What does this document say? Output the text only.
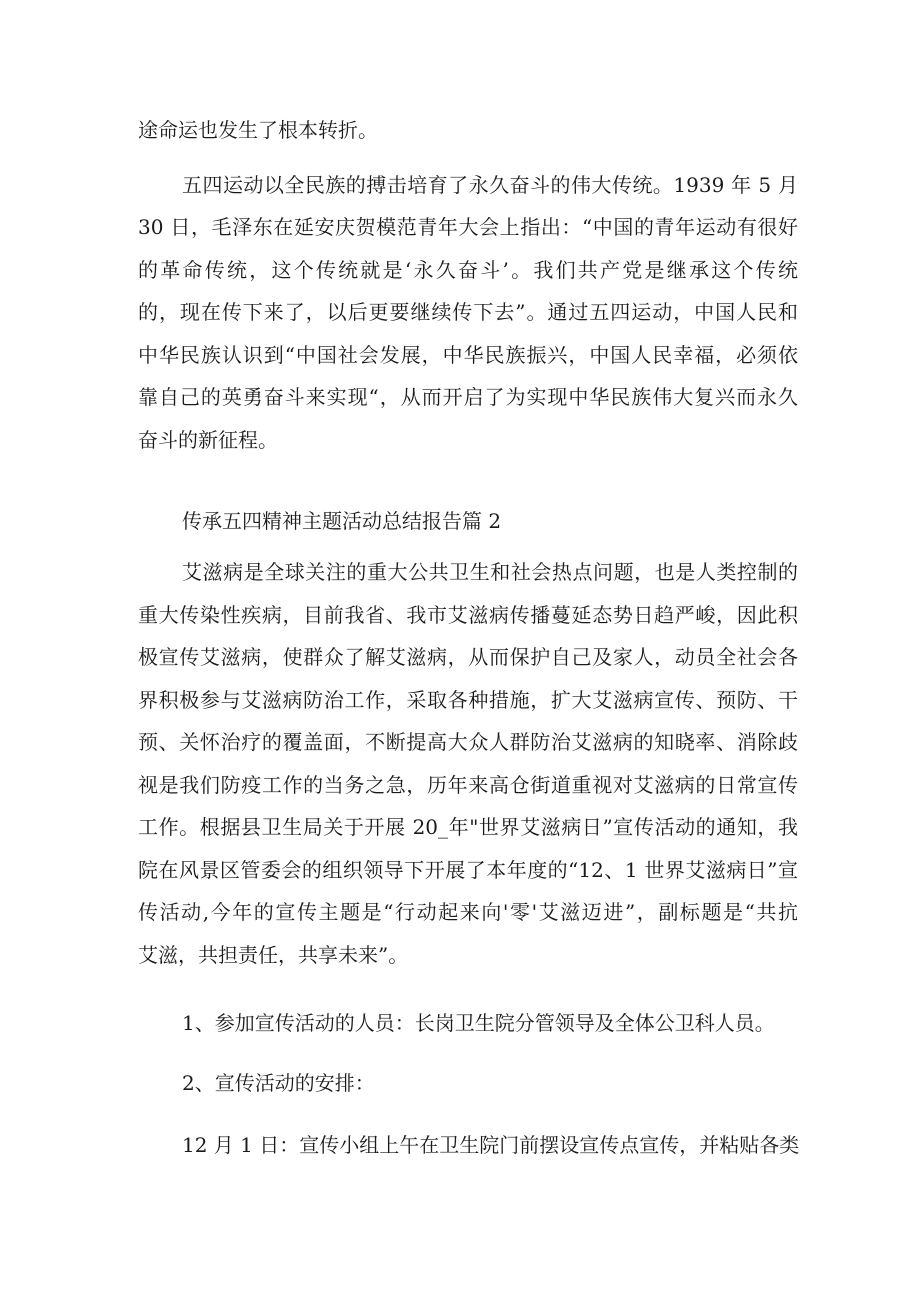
途命运也发生了根本转折。
五四运动以全民族的搏击培育了永久奋斗的伟大传统。1939 年 5 月
30 日，毛泽东在延安庆贺模范青年大会上指出：“中国的青年运动有很好
的革命传统，这个传统就是‘永久奋斗’。我们共产党是继承这个传统
的，现在传下来了，以后更要继续传下去”。通过五四运动，中国人民和
中华民族认识到“中国社会发展，中华民族振兴，中国人民幸福，必须依
靠自己的英勇奋斗来实现“，从而开启了为实现中华民族伟大复兴而永久
奋斗的新征程。
传承五四精神主题活动总结报告篇 2
艾滋病是全球关注的重大公共卫生和社会热点问题，也是人类控制的
重大传染性疾病，目前我省、我市艾滋病传播蔓延态势日趋严峻，因此积
极宣传艾滋病，使群众了解艾滋病，从而保护自己及家人，动员全社会各
界积极参与艾滋病防治工作，采取各种措施，扩大艾滋病宣传、预防、干
预、关怀治疗的覆盖面，不断提高大众人群防治艾滋病的知晓率、消除歧
视是我们防疫工作的当务之急，历年来高仓街道重视对艾滋病的日常宣传
工作。根据县卫生局关于开展 20_年"世界艾滋病日”宣传活动的通知，我
院在风景区管委会的组织领导下开展了本年度的“12、1 世界艾滋病日”宣
传活动,今年的宣传主题是“行动起来向'零'艾滋迈进”，副标题是“共抗
艾滋，共担责任，共享未来”。
1、参加宣传活动的人员：长岗卫生院分管领导及全体公卫科人员。
2、宣传活动的安排：
12 月 1 日：宣传小组上午在卫生院门前摆设宣传点宣传，并粘贴各类
